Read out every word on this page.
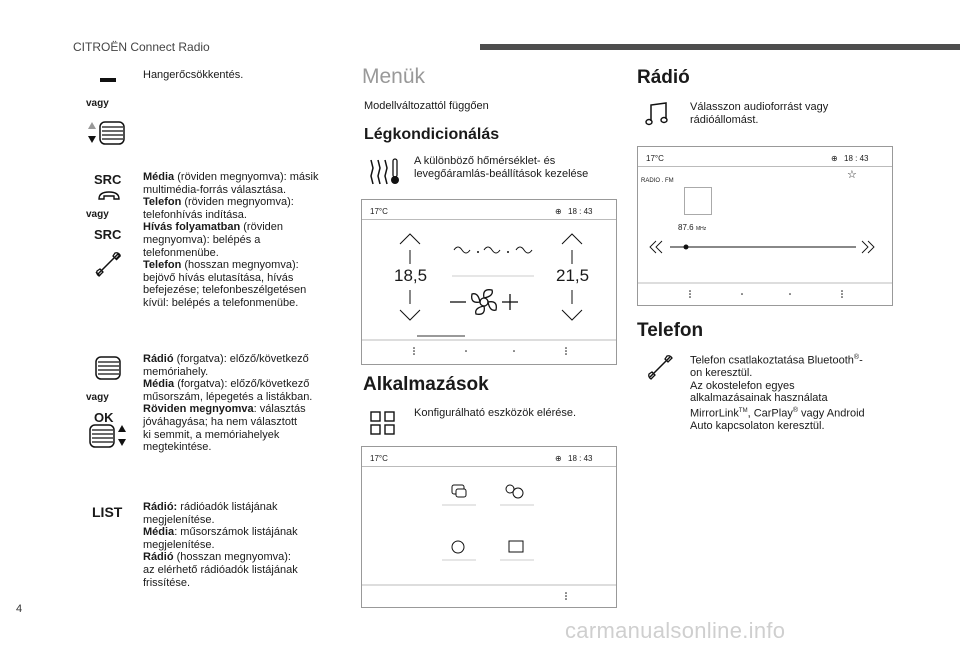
CITROËN Connect Radio
Hangerőcsökkentés.
vagy
SRC
vagy
SRC
Média (röviden megnyomva): másik
multimédia-forrás választása.
Telefon (röviden megnyomva):
telefonhívás indítása.
Hívás folyamatban (röviden
megnyomva): belépés a
telefonmenübe.
Telefon (hosszan megnyomva):
bejövő hívás elutasítása, hívás
befejezése; telefonbeszélgetésen
kívül: belépés a telefonmenübe.
vagy
OK
Rádió (forgatva): előző/következő
memóriahely.
Média (forgatva): előző/következő
műsorszám, lépegetés a listákban.
Röviden megnyomva: választás
jóváhagyása; ha nem választott
ki semmit, a memóriahelyek
megtekintése.
LIST Rádió: rádióadók listájának
megjelenítése.
Média: műsorszámok listájának
megjelenítése.
Rádió (hosszan megnyomva):
az elérhető rádióadók listájának
frissítése.
Menük
Modellváltozattól függően
Légkondicionálás
A különböző hőmérséklet- és
levegőáramlás-beállítások kezelése
17°C	⊕ 18 : 43
18,5	21,5
Alkalmazások
Konfigurálható eszközök elérése.
17°C	⊕ 18 : 43
Rádió
Válasszon audioforrást vagy
rádióállomást.
17°C	⊕ 18 : 43
RADIO . FM	☆
87.6 MHz
Telefon
Telefon csatlakoztatása Bluetooth®-
on keresztül.
Az okostelefon egyes
alkalmazásainak használata
MirrorLink™, CarPlay® vagy Android
Auto kapcsolaton keresztül.
4
carmanualsonline.info
